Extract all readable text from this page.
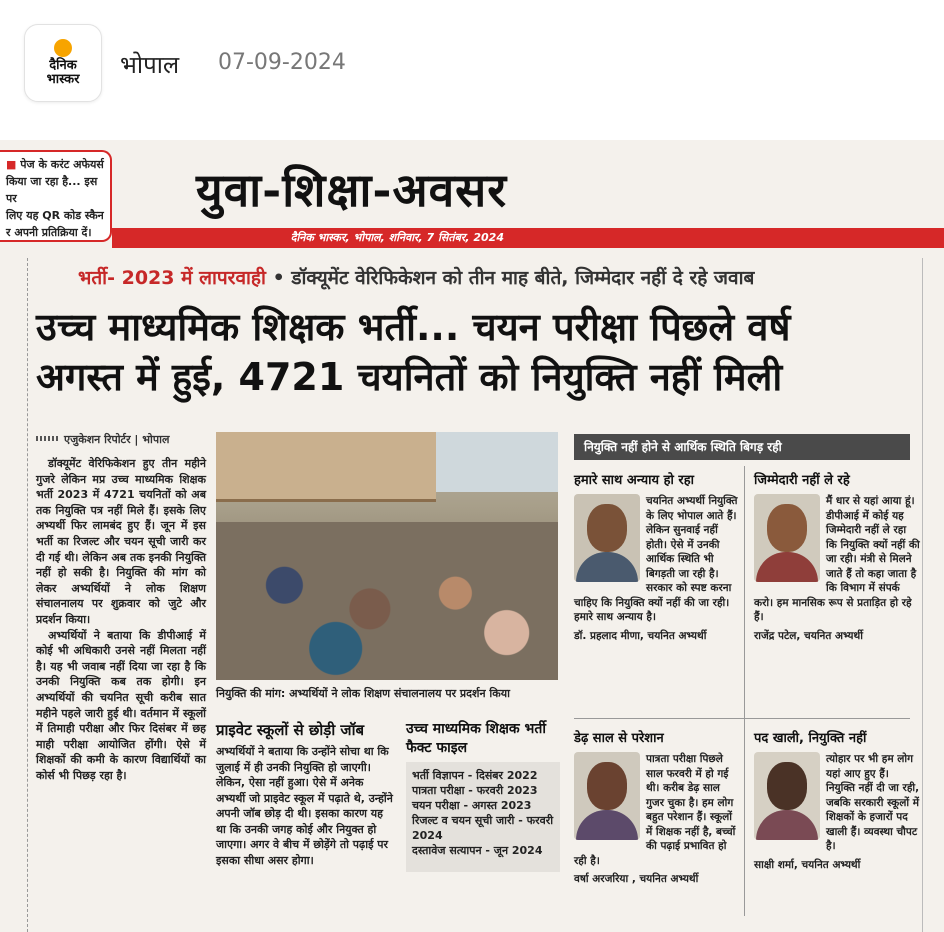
दैनिक
भास्कर
भोपाल 07-09-2024
■ पेज के करंट अफेयर्स
किया जा रहा है... इस पर
लिए यह QR कोड स्कैन
र अपनी प्रतिक्रिया दें।
युवा-शिक्षा-अवसर
दैनिक भास्कर, भोपाल, शनिवार, 7 सितंबर, 2024
भर्ती- 2023 में लापरवाही • डॉक्यूमेंट वेरिफिकेशन को तीन माह बीते, जिम्मेदार नहीं दे रहे जवाब
उच्च माध्यमिक शिक्षक भर्ती... चयन परीक्षा पिछले वर्ष
अगस्त में हुई, 4721 चयनितों को नियुक्ति नहीं मिली
एजुकेशन रिपोर्टर | भोपाल

डॉक्यूमेंट वेरिफिकेशन हुए तीन महीने गुजरे लेकिन मप्र उच्च माध्यमिक शिक्षक भर्ती 2023 में 4721 चयनितों को अब तक नियुक्ति पत्र नहीं मिले हैं। इसके लिए अभ्यर्थी फिर लामबंद हुए हैं। जून में इस भर्ती का रिजल्ट और चयन सूची जारी कर दी गई थी। लेकिन अब तक इनकी नियुक्ति नहीं हो सकी है। नियुक्ति की मांग को लेकर अभ्यर्थियों ने लोक शिक्षण संचालनालय पर शुक्रवार को जुटे और प्रदर्शन किया।

अभ्यर्थियों ने बताया कि डीपीआई में कोई भी अधिकारी उनसे नहीं मिलता नहीं है। यह भी जवाब नहीं दिया जा रहा है कि उनकी नियुक्ति कब तक होगी। इन अभ्यर्थियों की चयनित सूची करीब सात महीने पहले जारी हुई थी। वर्तमान में स्कूलों में तिमाही परीक्षा और फिर दिसंबर में छह माही परीक्षा आयोजित होंगी। ऐसे में शिक्षकों की कमी के कारण विद्यार्थियों का कोर्स भी पिछड़ रहा है।

नियुक्ति की मांग: अभ्यर्थियों ने लोक शिक्षण संचालनालय पर प्रदर्शन किया
प्राइवेट स्कूलों से छोड़ी जॉब
अभ्यर्थियों ने बताया कि उन्होंने सोचा था कि जुलाई में ही उनकी नियुक्ति हो जाएगी। लेकिन, ऐसा नहीं हुआ। ऐसे में अनेक अभ्यर्थी जो प्राइवेट स्कूल में पढ़ाते थे, उन्होंने अपनी जॉब छोड़ दी थी। इसका कारण यह था कि उनकी जगह कोई और नियुक्त हो जाएगा। अगर वे बीच में छोड़ेंगे तो पढ़ाई पर इसका सीधा असर होगा।
उच्च माध्यमिक शिक्षक भर्ती फैक्ट फाइल
भर्ती विज्ञापन - दिसंबर 2022
पात्रता परीक्षा - फरवरी 2023
चयन परीक्षा - अगस्त 2023
रिजल्ट व चयन सूची जारी - फरवरी 2024
दस्तावेज सत्यापन - जून 2024
नियुक्ति नहीं होने से आर्थिक स्थिति बिगड़ रही
हमारे साथ अन्याय हो रहा
चयनित अभ्यर्थी नियुक्ति के लिए भोपाल आते हैं। लेकिन सुनवाई नहीं होती। ऐसे में उनकी आर्थिक स्थिति भी बिगड़ती जा रही है। सरकार को स्पष्ट करना चाहिए कि नियुक्ति क्यों नहीं की जा रही। हमारे साथ अन्याय है।
डॉ. प्रहलाद मीणा, चयनित अभ्यर्थी
जिम्मेदारी नहीं ले रहे
मैं धार से यहां आया हूं। डीपीआई में कोई यह जिम्मेदारी नहीं ले रहा कि नियुक्ति क्यों नहीं की जा रही। मंत्री से मिलने जाते हैं तो कहा जाता है कि विभाग में संपर्क करो। हम मानसिक रूप से प्रताड़ित हो रहे हैं।
राजेंद्र पटेल, चयनित अभ्यर्थी
डेढ़ साल से परेशान
पात्रता परीक्षा पिछले साल फरवरी में हो गई थी। करीब डेढ़ साल गुजर चुका है। हम लोग बहुत परेशान हैं। स्कूलों में शिक्षक नहीं है, बच्चों की पढ़ाई प्रभावित हो रही है।
वर्षा अरजरिया , चयनित अभ्यर्थी
पद खाली, नियुक्ति नहीं
त्योहार पर भी हम लोग यहां आए हुए हैं। नियुक्ति नहीं दी जा रही, जबकि सरकारी स्कूलों में शिक्षकों के हजारों पद खाली हैं। व्यवस्था चौपट है।
साक्षी शर्मा, चयनित अभ्यर्थी
